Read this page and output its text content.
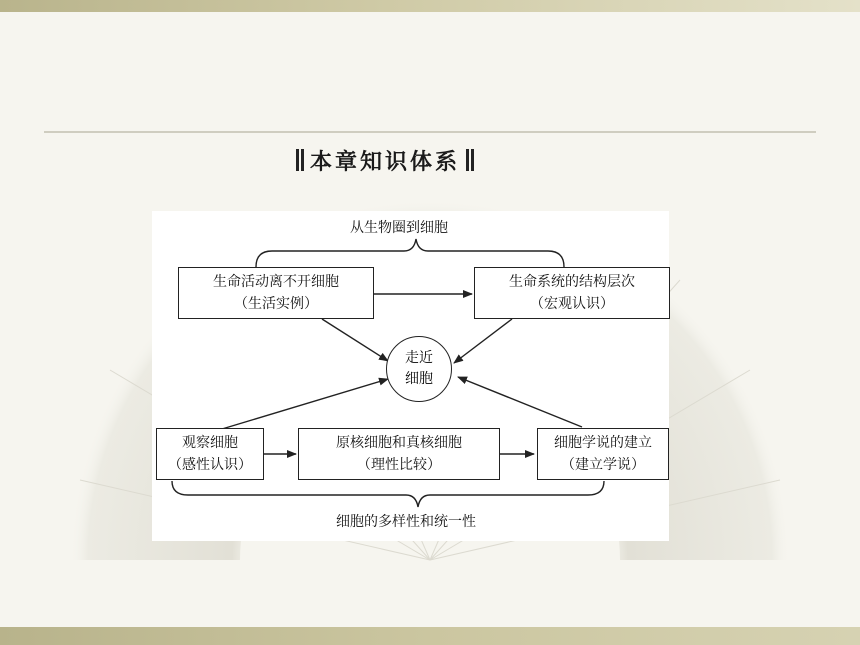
本章知识体系
从生物圈到细胞
生命活动离不开细胞
（生活实例）
生命系统的结构层次
（宏观认识）
走近
细胞
观察细胞
（感性认识）
原核细胞和真核细胞
（理性比较）
细胞学说的建立
（建立学说）
细胞的多样性和统一性
